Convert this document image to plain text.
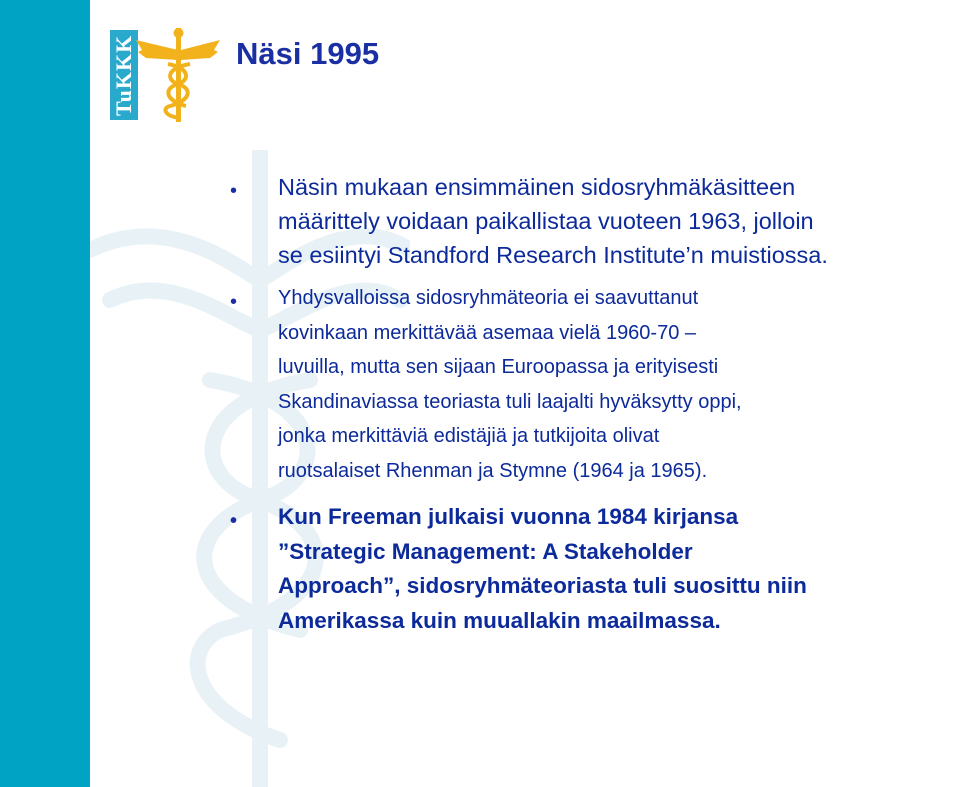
TuKKK	Näsi 1995
• Näsin mukaan ensimmäinen sidosryhmäkäsitteen
määrittely voidaan paikallistaa vuoteen 1963, jolloin
se esiintyi Standford Research Institute’n muistiossa.
• Yhdysvalloissa sidosryhmäteoria ei saavuttanut
kovinkaan merkittävää asemaa vielä 1960-70 –
luvuilla, mutta sen sijaan Euroopassa ja erityisesti
Skandinaviassa teoriasta tuli laajalti hyväksytty oppi,
jonka merkittäviä edistäjiä ja tutkijoita olivat
ruotsalaiset Rhenman ja Stymne (1964 ja 1965).
• Kun Freeman julkaisi vuonna 1984 kirjansa
”Strategic Management: A Stakeholder
Approach”, sidosryhmäteoriasta tuli suosittu niin
Amerikassa kuin muuallakin maailmassa.
